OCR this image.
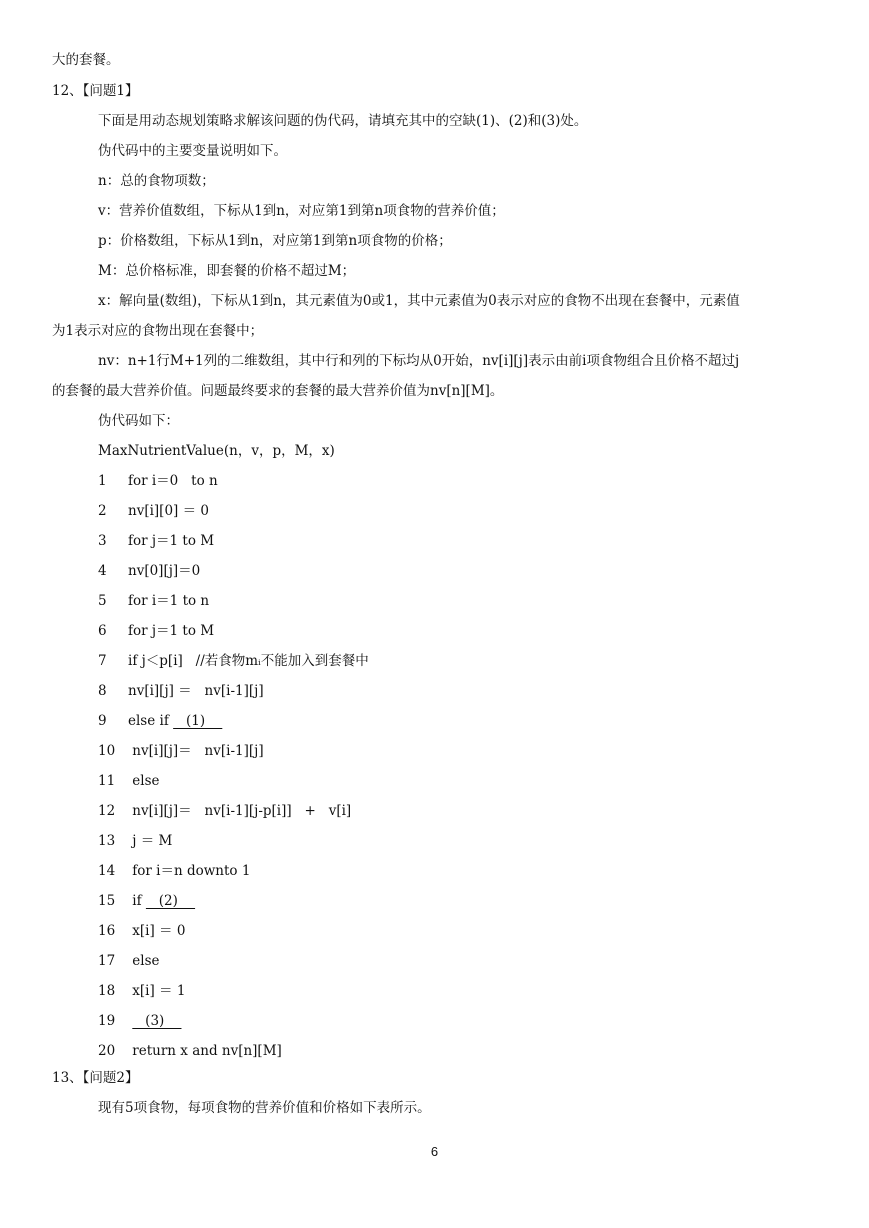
大的套餐。
12、【问题1】
下面是用动态规划策略求解该问题的伪代码，请填充其中的空缺(1)、(2)和(3)处。
伪代码中的主要变量说明如下。
n：总的食物项数；
v：营养价值数组，下标从1到n，对应第1到第n项食物的营养价值；
p：价格数组，下标从1到n，对应第1到第n项食物的价格；
M：总价格标准，即套餐的价格不超过M；
x：解向量(数组)，下标从1到n，其元素值为0或1，其中元素值为0表示对应的食物不出现在套餐中，元素值
为1表示对应的食物出现在套餐中；
nv：n+1行M+1列的二维数组，其中行和列的下标均从0开始，nv[i][j]表示由前i项食物组合且价格不超过j
的套餐的最大营养价值。问题最终要求的套餐的最大营养价值为nv[n][M]。
伪代码如下：
MaxNutrientValue(n，v，p，M，x)
1 for i＝0   to n
2 nv[i][0] ＝ 0
3 for j＝1 to M
4 nv[0][j]＝0
5 for i＝1 to n
6 for j＝1 to M
7 if j＜p[i]   //若食物mᵢ不能加入到套餐中
8 nv[i][j] ＝   nv[i-1][j]
9 else if    (1)
10 nv[i][j]＝   nv[i-1][j]
11 else
12 nv[i][j]＝   nv[i-1][j-p[i]]   +   v[i]
13 j ＝ M
14 for i＝n downto 1
15 if    (2)
16 x[i] ＝ 0
17 else
18 x[i] ＝ 1
19    (3)
20 return x and nv[n][M]
13、【问题2】
现有5项食物，每项食物的营养价值和价格如下表所示。
6
